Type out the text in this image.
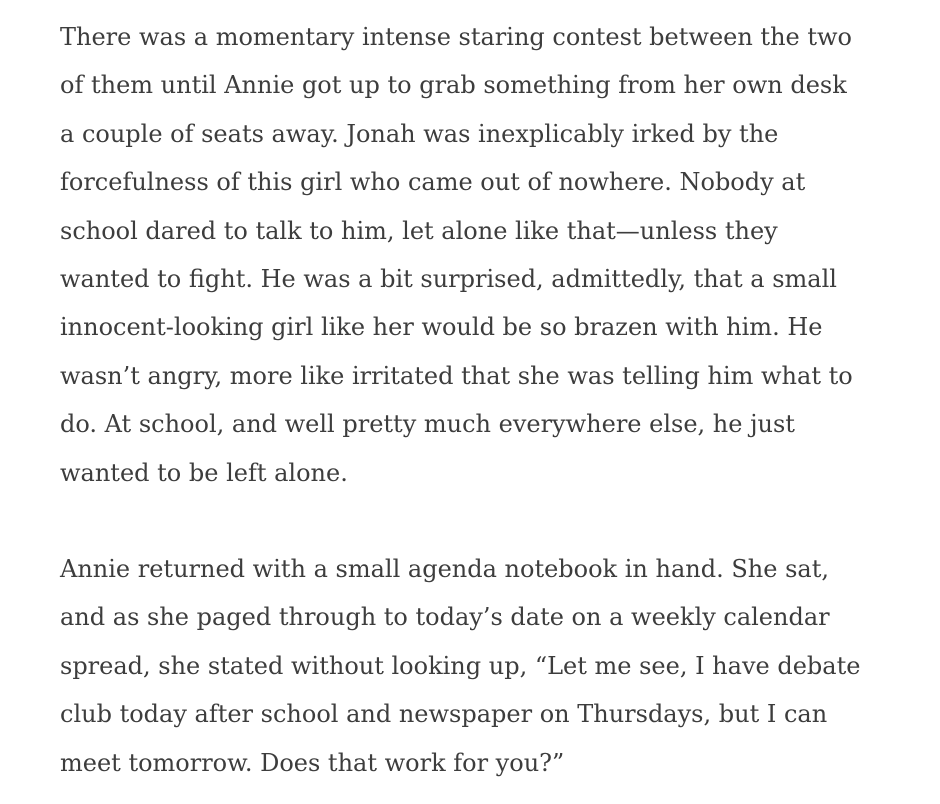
There was a momentary intense staring contest between the two
of them until Annie got up to grab something from her own desk
a couple of seats away. Jonah was inexplicably irked by the
forcefulness of this girl who came out of nowhere. Nobody at
school dared to talk to him, let alone like that—unless they
wanted to fight. He was a bit surprised, admittedly, that a small
innocent-looking girl like her would be so brazen with him. He
wasn’t angry, more like irritated that she was telling him what to
do. At school, and well pretty much everywhere else, he just
wanted to be left alone.

Annie returned with a small agenda notebook in hand. She sat,
and as she paged through to today’s date on a weekly calendar
spread, she stated without looking up, “Let me see, I have debate
club today after school and newspaper on Thursdays, but I can
meet tomorrow. Does that work for you?”
